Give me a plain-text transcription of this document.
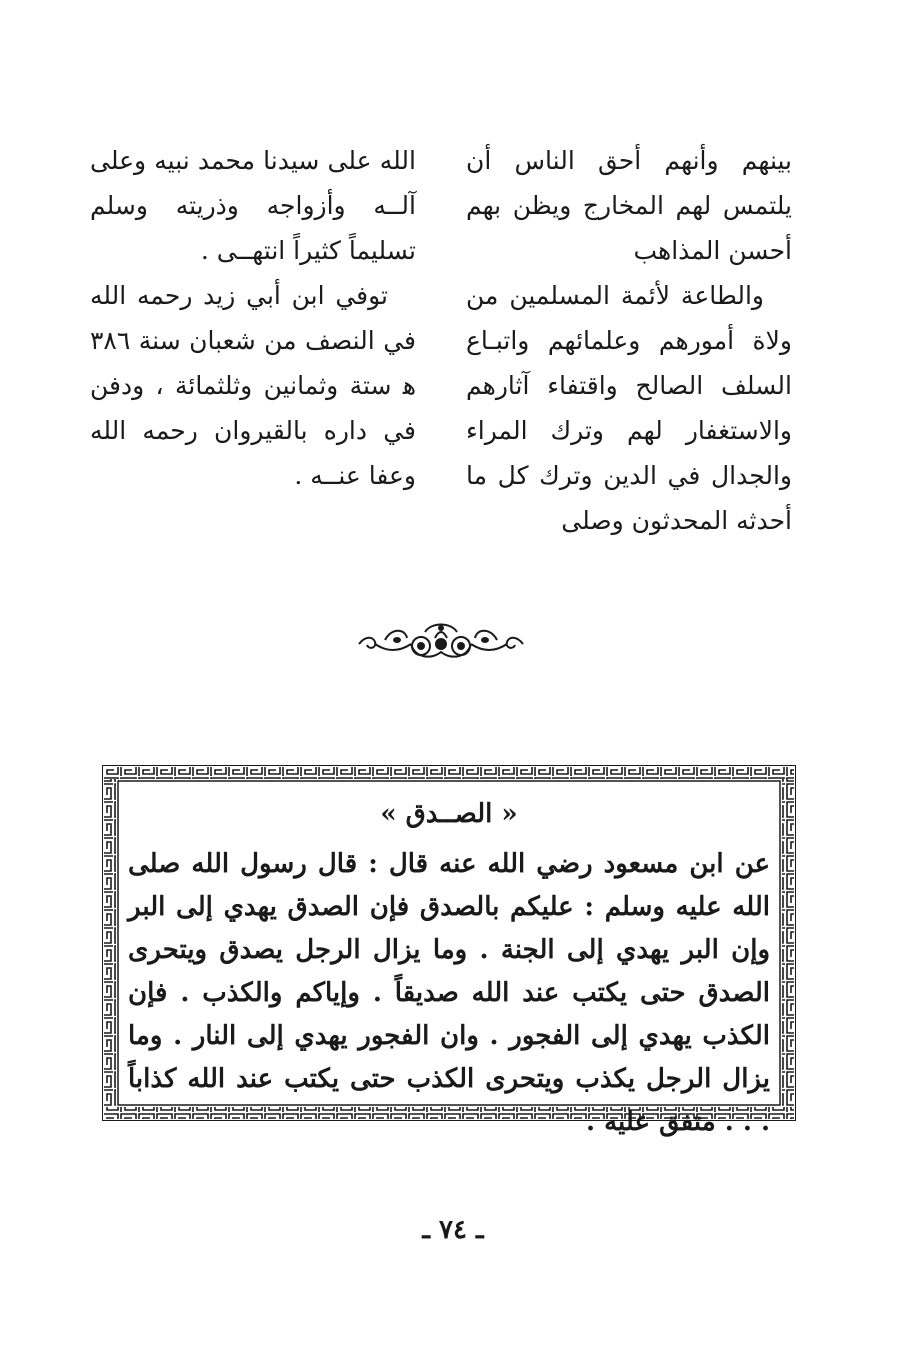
بينهم وأنهم أحق الناس أن يلتمس لهم المخارج ويظن بهم أحسن المذاهب

والطاعة لأئمة المسلمين من ولاة أمورهم وعلمائهم واتبـاع السلف الصالح واقتفاء آثارهم والاستغفار لهم وترك المراء والجدال في الدين وترك كل ما أحدثه المحدثون وصلى

الله على سيدنا محمد نبيه وعلى آلــه وأزواجه وذريته وسلم تسليماً كثيراً انتهــى .

توفي ابن أبي زيد رحمه الله في النصف من شعبان سنة ٣٨٦ ﻫ ستة وثمانين وثلثمائة ، ودفن في داره بالقيروان رحمه الله وعفا عنــه .

« الصــدق »
عن ابن مسعود رضي الله عنه قال : قال رسول الله صلى الله عليه وسلم : عليكم بالصدق فإن الصدق يهدي إلى البر وإن البر يهدي إلى الجنة . وما يزال الرجل يصدق ويتحرى الصدق حتى يكتب عند الله صديقاً . وإياكم والكذب . فإن الكذب يهدي إلى الفجور . وان الفجور يهدي إلى النار . وما يزال الرجل يكذب ويتحرى الكذب حتى يكتب عند الله كذاباً . . . متفق عليه .
ـ ٧٤ ـ
